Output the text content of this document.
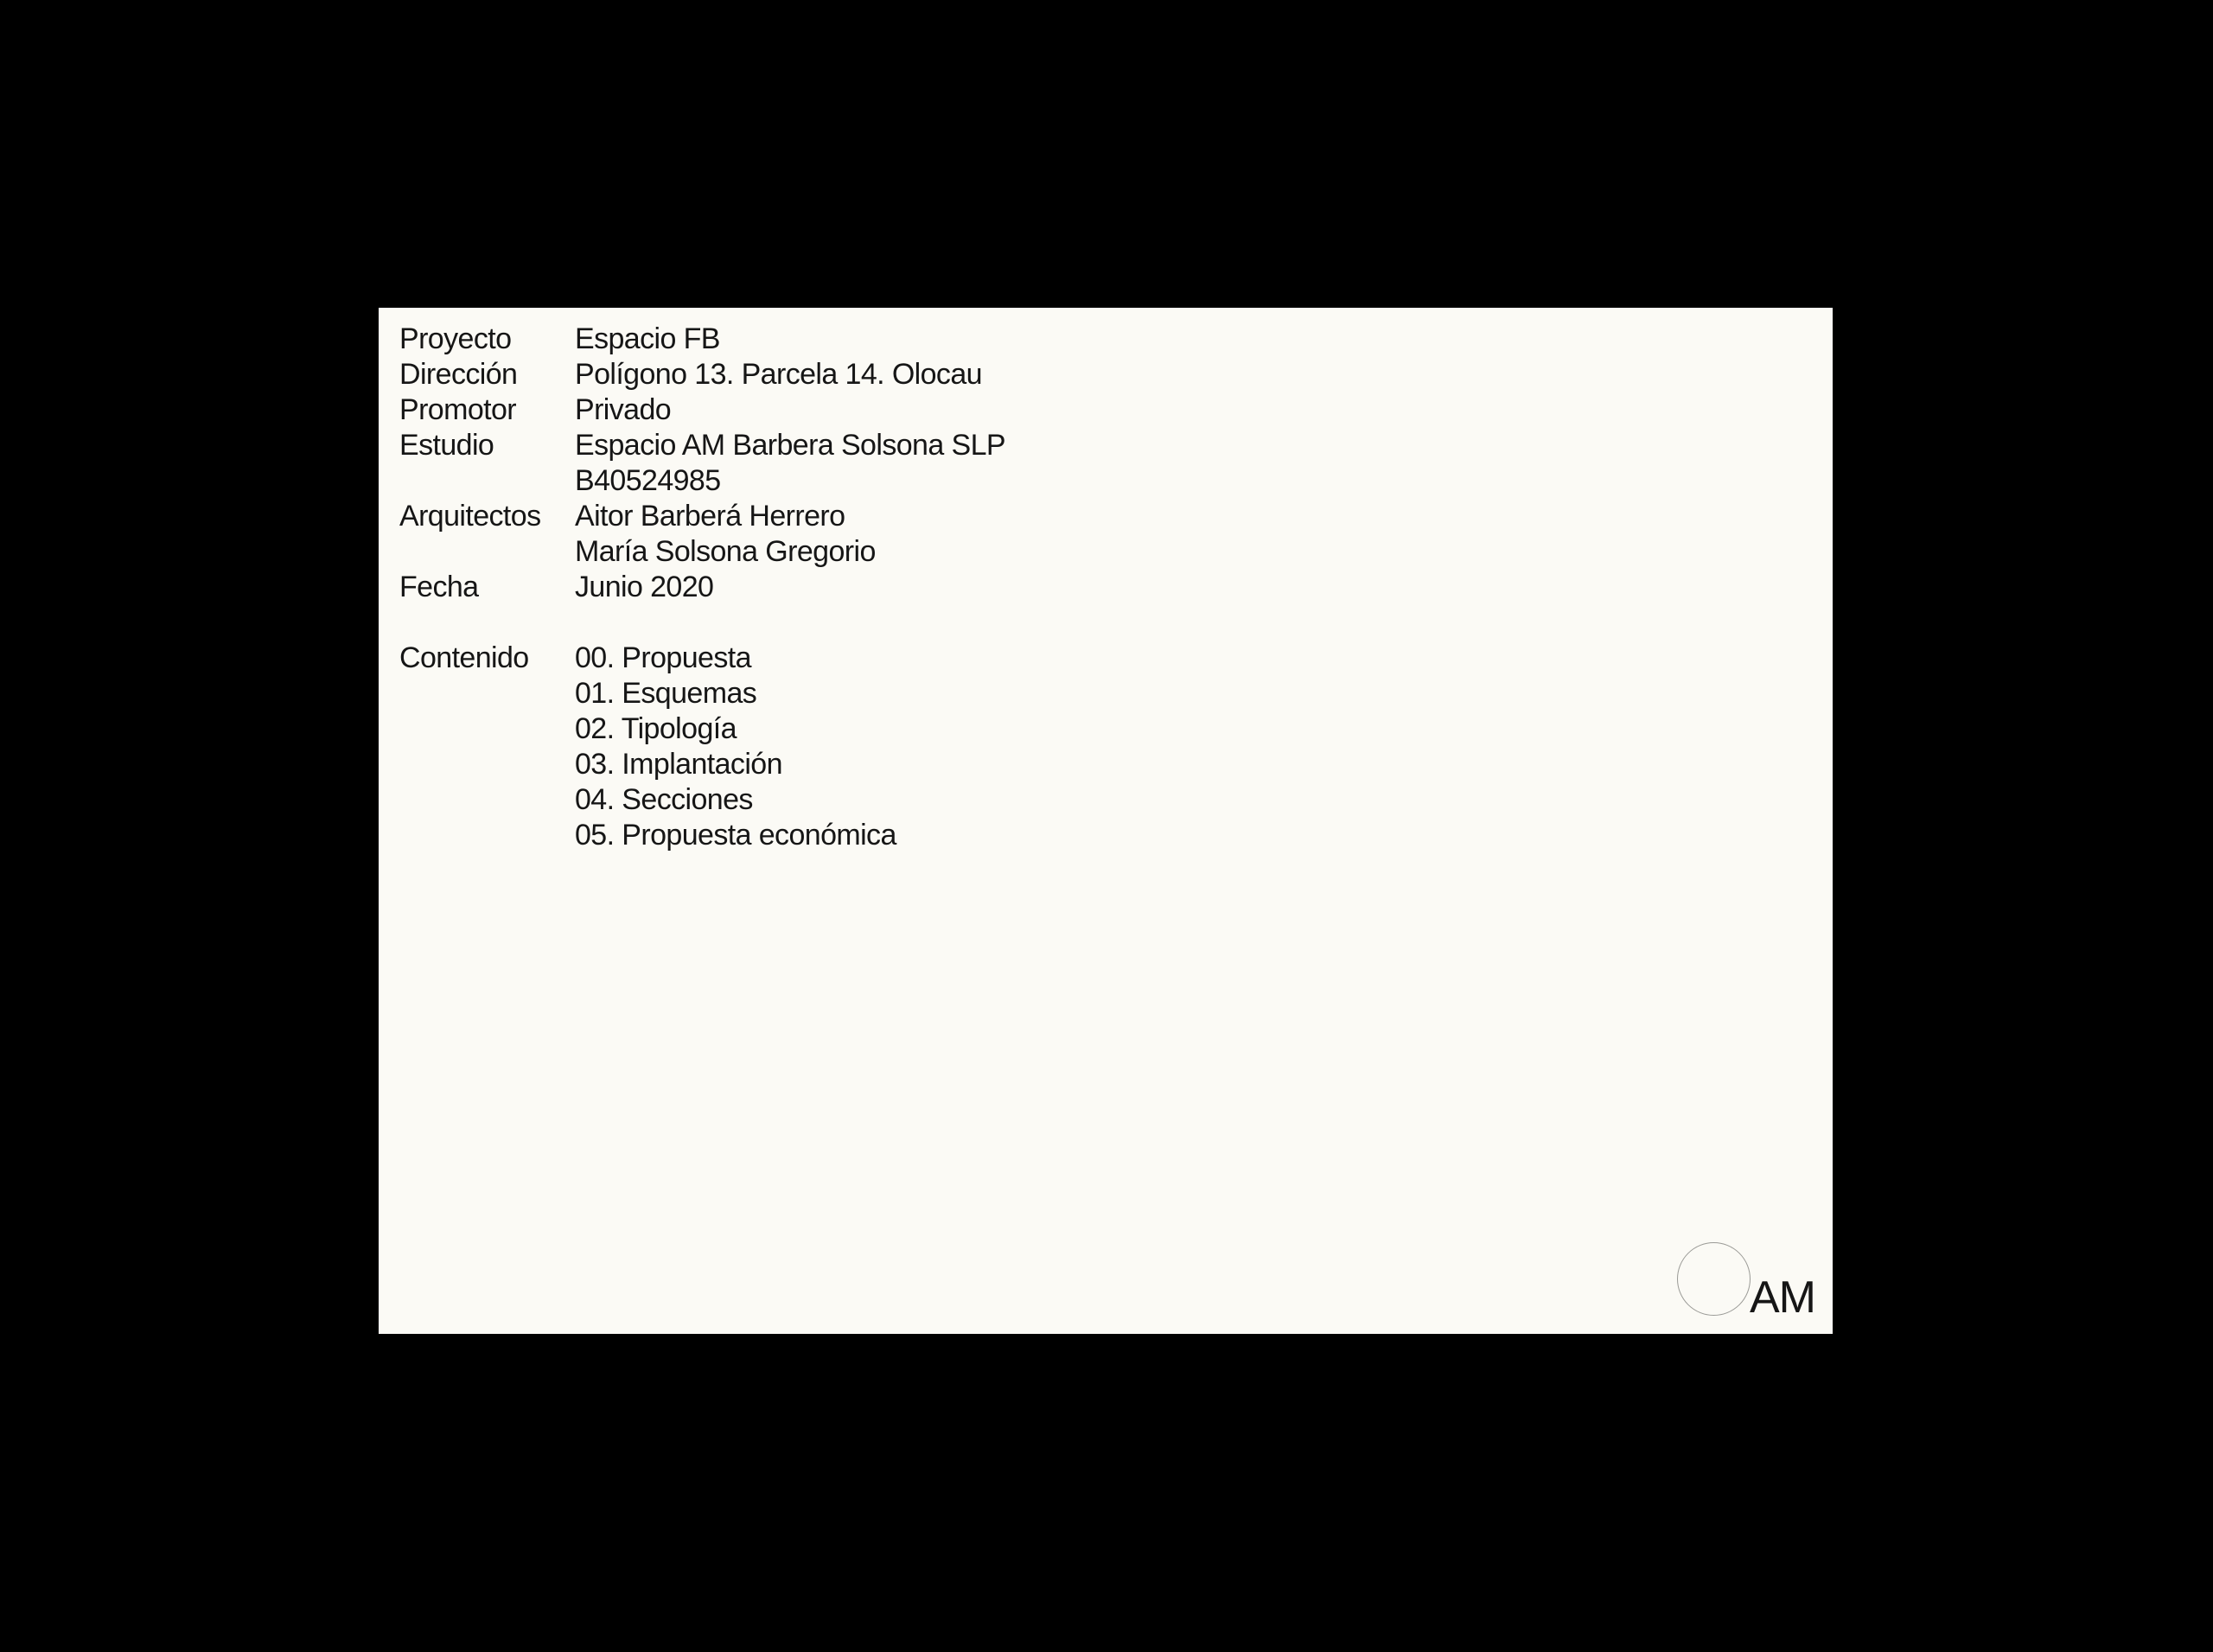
Proyecto	Espacio FB
Dirección	Polígono 13. Parcela 14. Olocau
Promotor	Privado
Estudio	Espacio AM Barbera Solsona SLP
B40524985
Arquitectos	Aitor Barberá Herrero
María Solsona Gregorio
Fecha	Junio 2020
Contenido	00. Propuesta
01. Esquemas
02. Tipología
03. Implantación
04. Secciones
05. Propuesta económica
AM
